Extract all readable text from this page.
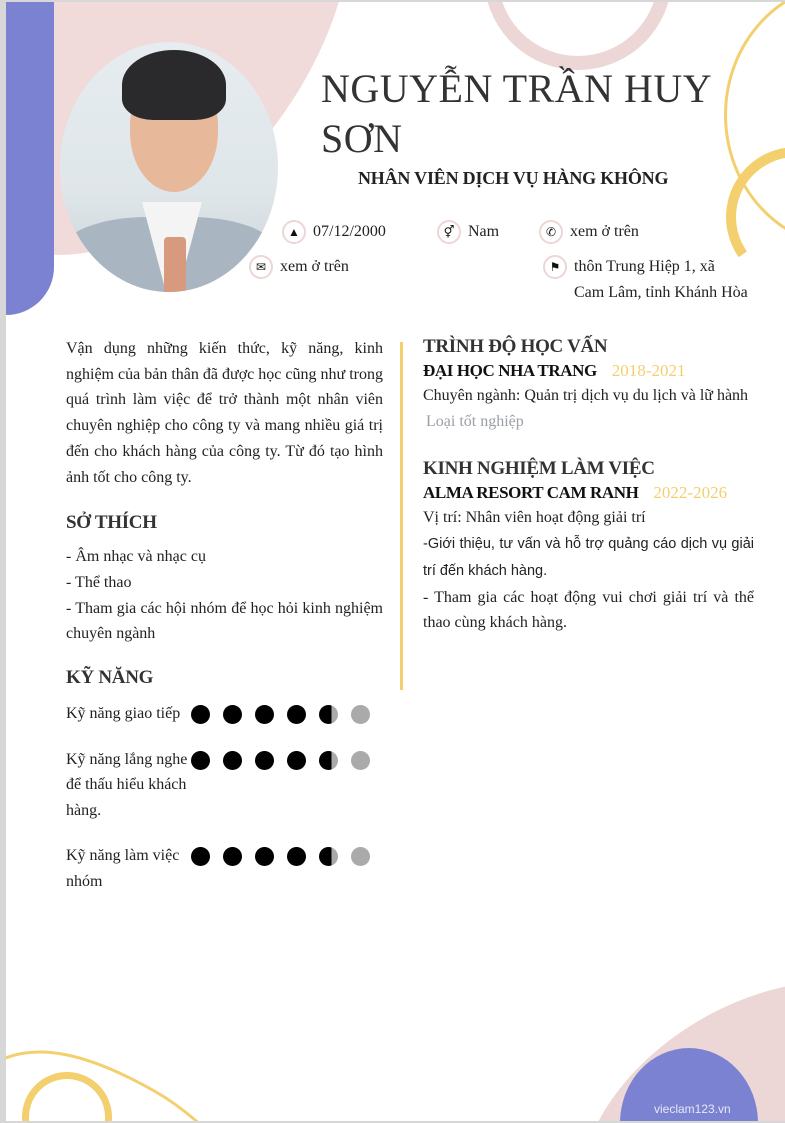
NGUYỄN TRẦN HUY SƠN
NHÂN VIÊN DỊCH VỤ HÀNG KHÔNG
▲ 07/12/2000	⚥ Nam	✆ xem ở trên
✉ xem ở trên	⚑ thôn Trung Hiệp 1, xã
Cam Lâm, tỉnh Khánh Hòa

Vận dụng những kiến thức, kỹ năng, kinh nghiệm của bản thân đã được học cũng như trong quá trình làm việc để trở thành một nhân viên chuyên nghiệp cho công ty và mang nhiều giá trị đến cho khách hàng của công ty. Từ đó tạo hình ảnh tốt cho công ty.

SỞ THÍCH
- Âm nhạc và nhạc cụ
- Thể thao
- Tham gia các hội nhóm để học hỏi kinh nghiệm chuyên ngành
KỸ NĂNG
Kỹ năng giao tiếp
Kỹ năng lắng nghe để thấu hiểu khách hàng.
Kỹ năng làm việc nhóm
TRÌNH ĐỘ HỌC VẤN
ĐẠI HỌC NHA TRANG 2018-2021
Chuyên ngành: Quản trị dịch vụ du lịch và lữ hành
Loại tốt nghiệp
KINH NGHIỆM LÀM VIỆC
ALMA RESORT CAM RANH 2022-2026
Vị trí: Nhân viên hoạt động giải trí
-Giới thiệu, tư vấn và hỗ trợ quảng cáo dịch vụ giải trí đến khách hàng.
- Tham gia các hoạt động vui chơi giải trí và thể thao cùng khách hàng.
vieclam123.vn
